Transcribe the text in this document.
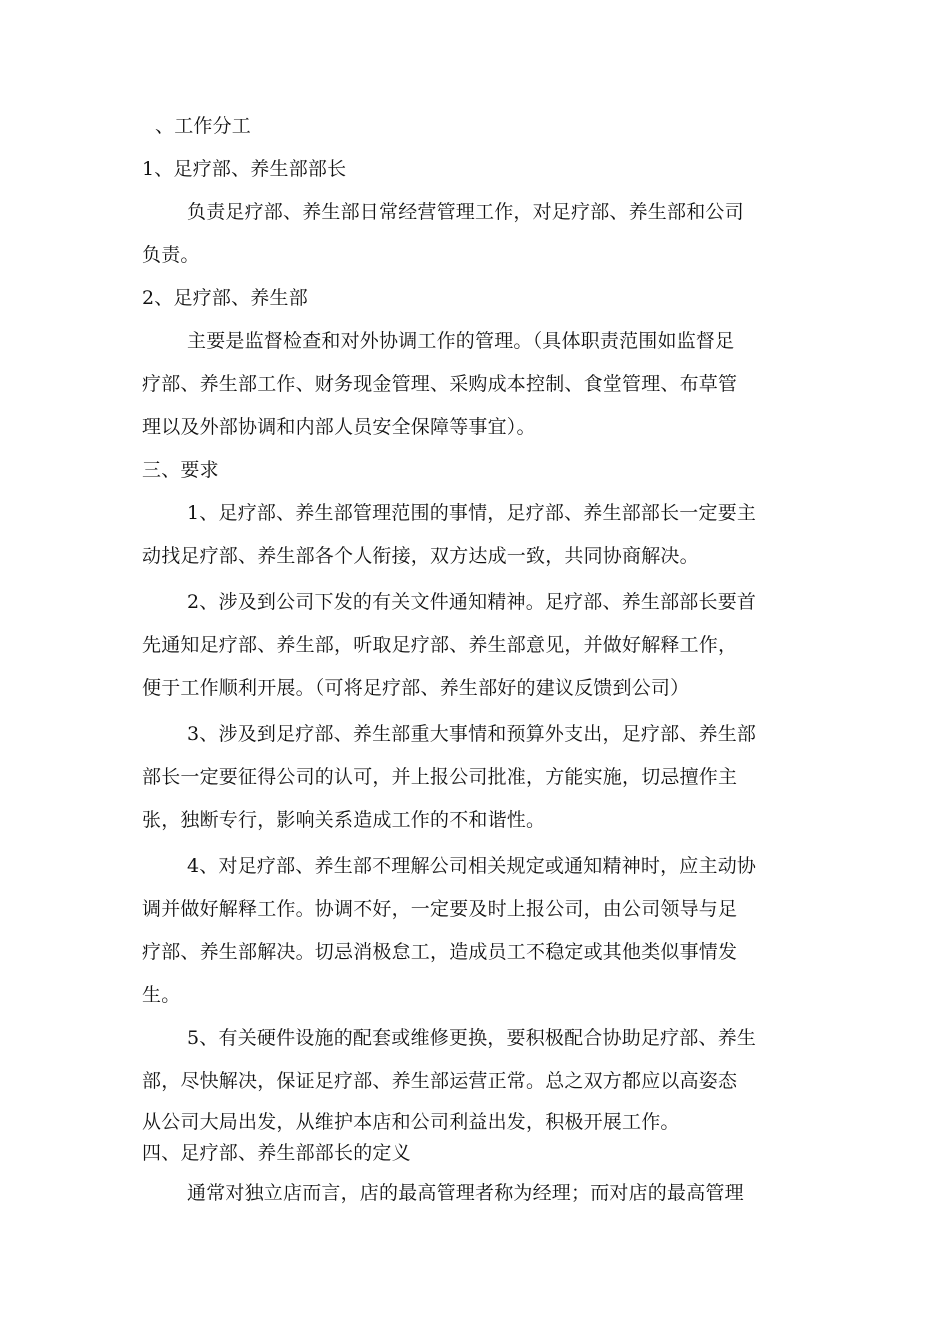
、工作分工
1、足疗部、养生部部长
负责足疗部、养生部日常经营管理工作，对足疗部、养生部和公司
负责。
2、足疗部、养生部
主要是监督检查和对外协调工作的管理。（具体职责范围如监督足
疗部、养生部工作、财务现金管理、采购成本控制、食堂管理、布草管
理以及外部协调和内部人员安全保障等事宜）。
三、要求
1、足疗部、养生部管理范围的事情，足疗部、养生部部长一定要主
动找足疗部、养生部各个人衔接，双方达成一致，共同协商解决。
2、涉及到公司下发的有关文件通知精神。足疗部、养生部部长要首
先通知足疗部、养生部，听取足疗部、养生部意见，并做好解释工作，
便于工作顺利开展。（可将足疗部、养生部好的建议反馈到公司）
3、涉及到足疗部、养生部重大事情和预算外支出，足疗部、养生部
部长一定要征得公司的认可，并上报公司批准，方能实施，切忌擅作主
张，独断专行，影响关系造成工作的不和谐性。
4、对足疗部、养生部不理解公司相关规定或通知精神时，应主动协
调并做好解释工作。协调不好，一定要及时上报公司，由公司领导与足
疗部、养生部解决。切忌消极怠工，造成员工不稳定或其他类似事情发
生。
5、有关硬件设施的配套或维修更换，要积极配合协助足疗部、养生
部，尽快解决，保证足疗部、养生部运营正常。总之双方都应以高姿态
从公司大局出发，从维护本店和公司利益出发，积极开展工作。
四、足疗部、养生部部长的定义
通常对独立店而言，店的最高管理者称为经理；而对店的最高管理
